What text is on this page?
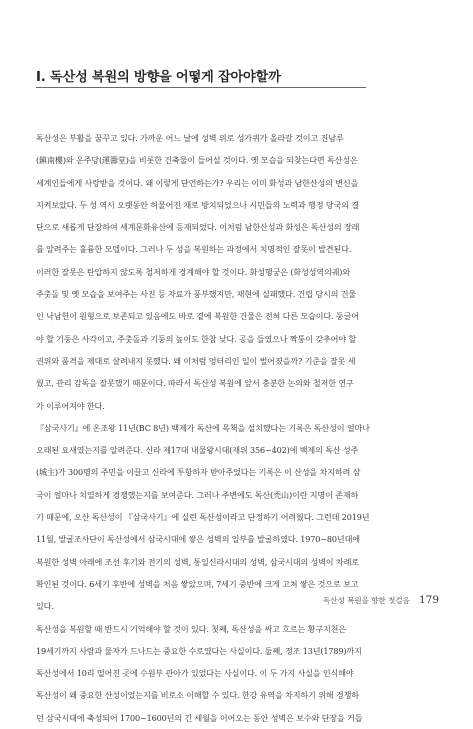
Ⅰ. 독산성 복원의 방향을 어떻게 잡아야할까
독산성은 부활을 꿈꾸고 있다. 가까운 어느 날에 성벽 위로 성가퀴가 올라갈 것이고 진남루
(鎭南樓)와 운주당(運籌堂)을 비롯한 건축물이 들어설 것이다. 옛 모습을 되찾는다면 독산성은
세계인들에게 사랑받을 것이다. 왜 이렇게 단언하는가? 우리는 이미 화성과 남한산성의 변신을
지켜보았다. 두 성 역시 오랫동안 허물어진 채로 방치되었으나 시민들의 노력과 행정 당국의 결
단으로 새롭게 단장하여 세계문화유산에 등재되었다. 이처럼 남한산성과 화성은 독산성의 장래
를 알려주는 훌륭한 모델이다. 그러나 두 성을 복원하는 과정에서 치명적인 잘못이 발견된다.
이러한 잘못은 탄압하지 않도록 철저하게 경계해야 할 것이다. 화성행궁은 (화성성역의궤)와
주춧돌 및 옛 모습을 보여주는 사진 등 자료가 풍부했지만, 재현에 실패했다. 건립 당시의 건물
인 낙남헌이 원형으로 보존되고 있음에도 바로 곁에 복원한 건물은 전혀 다른 모습이다. 둥글어
야 할 기둥은 사각이고, 주춧돌과 기둥의 높이도 한참 낮다. 공을 들였으나 짝퉁이 갖추어야 할
권위와 품격을 제대로 살려내지 못했다. 왜 이처럼 엉터리인 일이 벌어졌을까? 기준을 잘못 세
웠고, 관리 감독을 잘못했기 때문이다. 따라서 독산성 복원에 앞서 충분한 논의와 철저한 연구
가 이루어져야 한다.
『삼국사기』에 온조왕 11년(BC 8년) 백제가 독산에 목책을 설치했다는 기록은 독산성이 얼마나
오래된 요새였는지를 알려준다. 신라 제17대 내물왕시대(재위 356~402)에 백제의 독산 성주
(城主)가 300명의 주민을 이끌고 신라에 투항하자 받아주었다는 기록은 이 산성을 차지하려 삼
국이 얼마나 치열하게 경쟁했는지를 보여준다. 그러나 주변에도 독산(禿山)이란 지명이 존재하
기 때문에, 오산 독산성이 『삼국사기』에 실린 독산성이라고 단정하기 어려웠다. 그런데 2019년
11월, 발굴조사단이 독산성에서 삼국시대에 쌓은 성벽의 일부를 발굴하였다. 1970~80년대에
복원한 성벽 아래에 조선 후기와 전기의 성벽, 통일신라시대의 성벽, 삼국시대의 성벽이 차례로
확인된 것이다. 6세기 후반에 성벽을 처음 쌓았으며, 7세기 중반에 크게 고쳐 쌓은 것으로 보고
있다.
독산성을 복원할 때 반드시 기억해야 할 것이 있다. 첫째, 독산성을 싸고 흐르는 황구지천은
19세기까지 사람과 물자가 드나드는 중요한 수로였다는 사실이다. 둘째, 정조 13년(1789)까지
독산성에서 10리 떨어진 곳에 수원부 관아가 있었다는 사실이다. 이 두 가지 사실을 인식해야
독산성이 왜 중요한 산성이었는지를 비로소 이해할 수 있다. 한강 유역을 차지하기 위해 경쟁하
던 삼국시대에 축성되어 1700~1600년의 긴 세월을 이어오는 동안 성벽은 보수와 단장을 거듭
독산성 복원을 향한 첫걸음 179
